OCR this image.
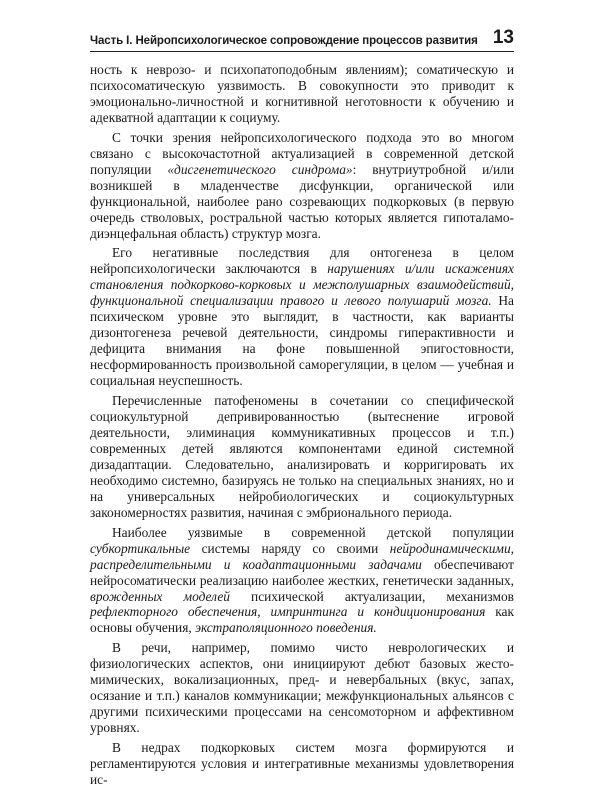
Часть I. Нейропсихологическое сопровождение процессов развития 13

ность к неврозо- и психопатоподобным явлениям); соматическую и психосоматическую уязвимость. В совокупности это приводит к эмоционально-личностной и когнитивной неготовности к обучению и адекватной адаптации к социуму.

С точки зрения нейропсихологического подхода это во многом связано с высокочастотной актуализацией в современной детской популяции «дисгенетического синдрома»: внутриутробной и/или возникшей в младенчестве дисфункции, органической или функциональной, наиболее рано созревающих подкорковых (в первую очередь стволовых, ростральной частью которых является гипоталамо-диэнцефальная область) структур мозга.

Его негативные последствия для онтогенеза в целом нейропсихологически заключаются в нарушениях и/или искажениях становления подкорково-корковых и межполушарных взаимодействий, функциональной специализации правого и левого полушарий мозга. На психическом уровне это выглядит, в частности, как варианты дизонтогенеза речевой деятельности, синдромы гиперактивности и дефицита внимания на фоне повышенной эпигостовности, несформированность произвольной саморегуляции, в целом — учебная и социальная неуспешность.

Перечисленные патофеномены в сочетании со специфической социокультурной депривированностью (вытеснение игровой деятельности, элиминация коммуникативных процессов и т.п.) современных детей являются компонентами единой системной дизадаптации. Следовательно, анализировать и корригировать их необходимо системно, базируясь не только на специальных знаниях, но и на универсальных нейробиологических и социокультурных закономерностях развития, начиная с эмбрионального периода.

Наиболее уязвимые в современной детской популяции субкортикальные системы наряду со своими нейродинамическими, распределительными и коадаптационными задачами обеспечивают нейросоматически реализацию наиболее жестких, генетически заданных, врожденных моделей психической актуализации, механизмов рефлекторного обеспечения, импринтинга и кондиционирования как основы обучения, экстраполяционного поведения.

В речи, например, помимо чисто неврологических и физиологических аспектов, они инициируют дебют базовых жесто-мимических, вокализационных, пред- и невербальных (вкус, запах, осязание и т.п.) каналов коммуникации; межфункциональных альянсов с другими психическими процессами на сенсомоторном и аффективном уровнях.

В недрах подкорковых систем мозга формируются и регламентируются условия и интегративные механизмы удовлетворения ис-
